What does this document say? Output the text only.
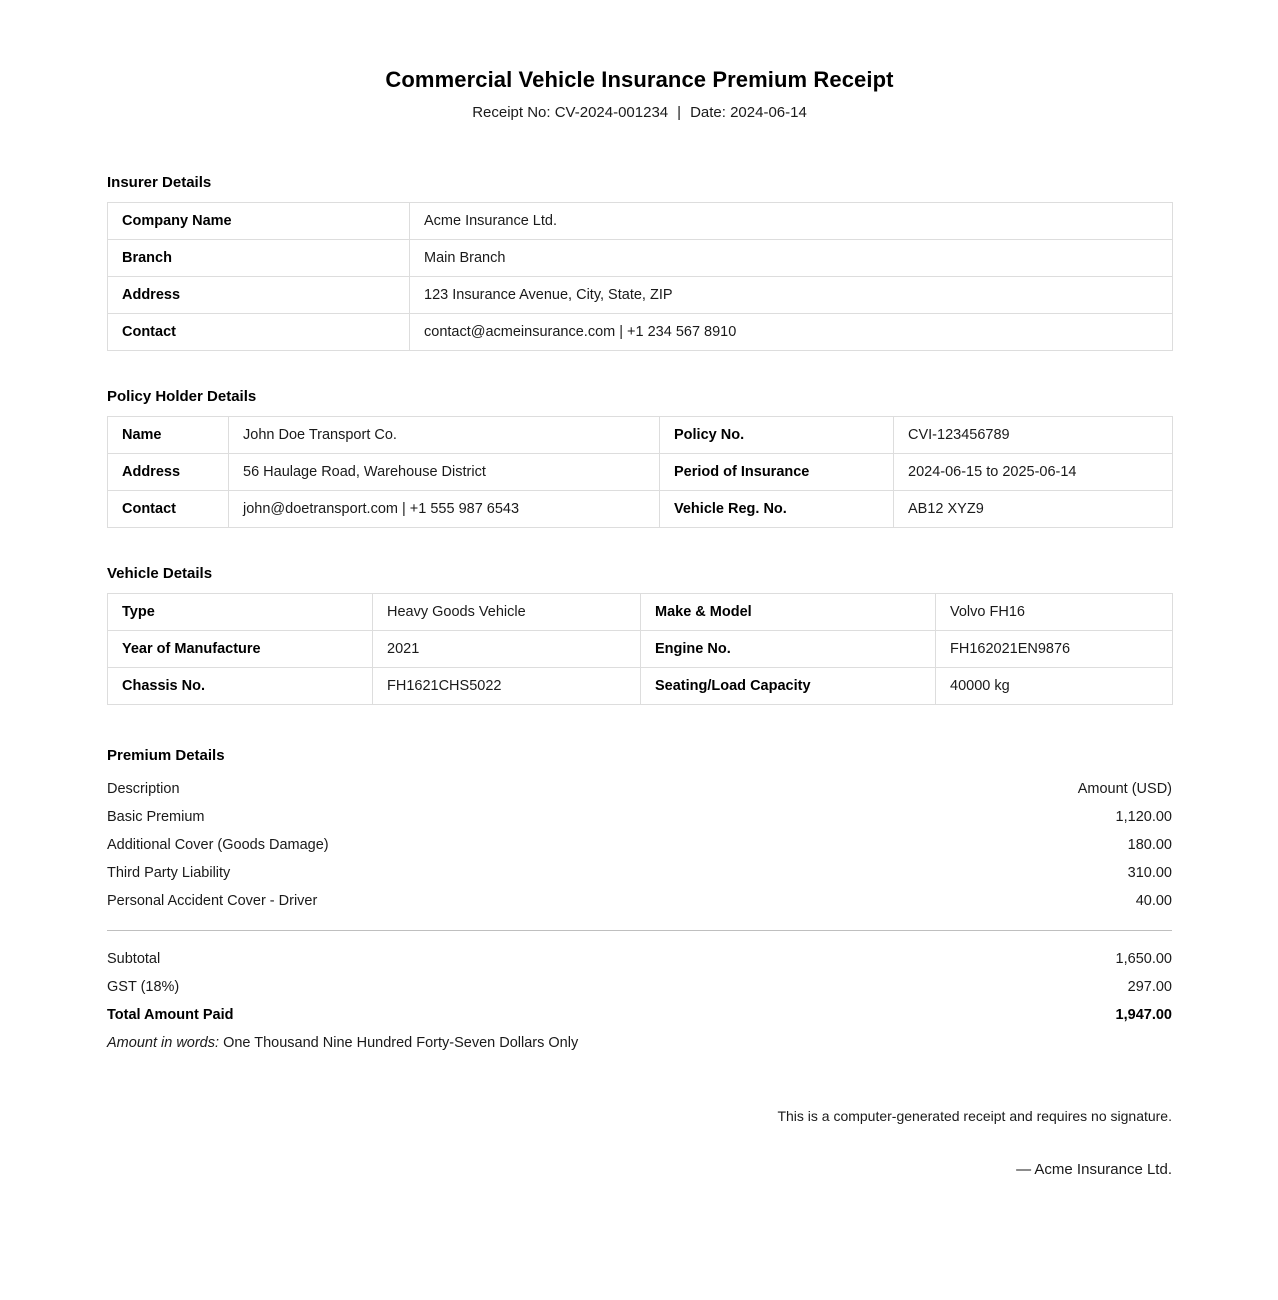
Commercial Vehicle Insurance Premium Receipt
Receipt No: CV-2024-001234 | Date: 2024-06-14
Insurer Details
Company Name	Acme Insurance Ltd.
Branch	Main Branch
Address	123 Insurance Avenue, City, State, ZIP
Contact	contact@acmeinsurance.com | +1 234 567 8910
Policy Holder Details
Name	John Doe Transport Co.	Policy No.	CVI-123456789
Address	56 Haulage Road, Warehouse District	Period of Insurance	2024-06-15 to 2025-06-14
Contact	john@doetransport.com | +1 555 987 6543	Vehicle Reg. No.	AB12 XYZ9
Vehicle Details
Type	Heavy Goods Vehicle	Make & Model	Volvo FH16
Year of Manufacture	2021	Engine No.	FH162021EN9876
Chassis No.	FH1621CHS5022	Seating/Load Capacity	40000 kg
Premium Details
Description	Amount (USD)
Basic Premium	1,120.00
Additional Cover (Goods Damage)	180.00
Third Party Liability	310.00
Personal Accident Cover - Driver	40.00
Subtotal	1,650.00
GST (18%)	297.00
Total Amount Paid	1,947.00
Amount in words: One Thousand Nine Hundred Forty-Seven Dollars Only
This is a computer-generated receipt and requires no signature.
— Acme Insurance Ltd.
